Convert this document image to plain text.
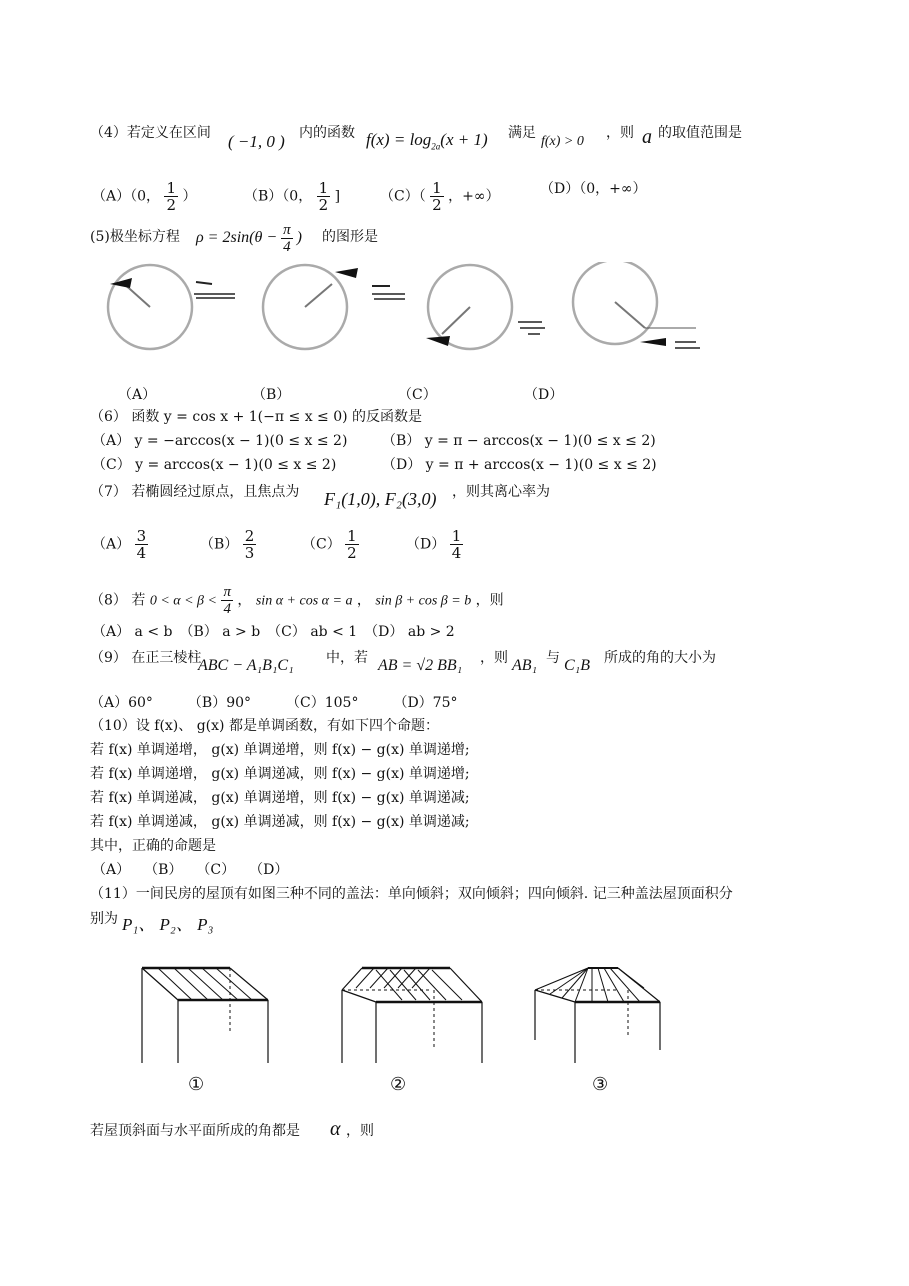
（4）若定义在区间 ( −1, 0 ) 内的函数 $f(x) = \log_{2a}(x + 1)$ 满足
f(x) > 0
，则 a 的取值范围是
（A）（0， $\frac{1}{2}$ ）	（B）（0， $\frac{1}{2}$ ]	$(C)( \frac{1}{2}$ ，+∞）	（D）（0，+∞）
(5)极坐标方程 $\rho = 2\sin(\theta - \frac{\pi}{4}$ ) 的图形是
（A）	（B）	（C）	（D）
（6） 函数 y = cos x + 1(−π ≤ x ≤ 0) 的反函数是
（A） y = −arccos(x − 1)(0 ≤ x ≤ 2) （B） y = π − arccos(x − 1)(0 ≤ x ≤ 2)
（C） y = arccos(x − 1)(0 ≤ x ≤ 2)	（D） y = π + arccos(x − 1)(0 ≤ x ≤ 2)
（7） 若椭圆经过原点，且焦点为 F₁(1,0), F₂(3,0) ，则其离心率为
$(A) \frac{3}{4}$	$(B) \frac{2}{3}$	$(C) \frac{1}{2}$	$(D) \frac{1}{4}$
（8） 若 $0 < \alpha < \beta < \frac{\pi}{4}$ ， sin α + cos α = a ， sin β + cos β = b ，则
（A） a < b　（B） a > b　（C） ab < 1　（D） ab > 2
（9） 在正三棱柱
ABC − A₁B₁C₁ 中，若 AB = √2 BB₁ ，则 AB₁ 与 C₁B 所成的角的大小为
（A）60°　　　（B）90°　　　（C）105°　　　（D）75°
（10）设 f(x)、 g(x) 都是单调函数，有如下四个命题：
若 f(x) 单调递增， g(x) 单调递增，则 f(x) − g(x) 单调递增;
若 f(x) 单调递增， g(x) 单调递减，则 f(x) − g(x) 单调递增;
若 f(x) 单调递减， g(x) 单调递增，则 f(x) − g(x) 单调递减;
若 f(x) 单调递减， g(x) 单调递减，则 f(x) − g(x) 单调递减;
其中，正确的命题是
（A）　　（B）　　（C）　　（D）
（11）一间民房的屋顶有如图三种不同的盖法：单向倾斜；双向倾斜；四向倾斜. 记三种盖法屋顶面积分
别为 P₁、 P₂、 P₃
①	②	③
若屋顶斜面与水平面所成的角都是 α ，则
